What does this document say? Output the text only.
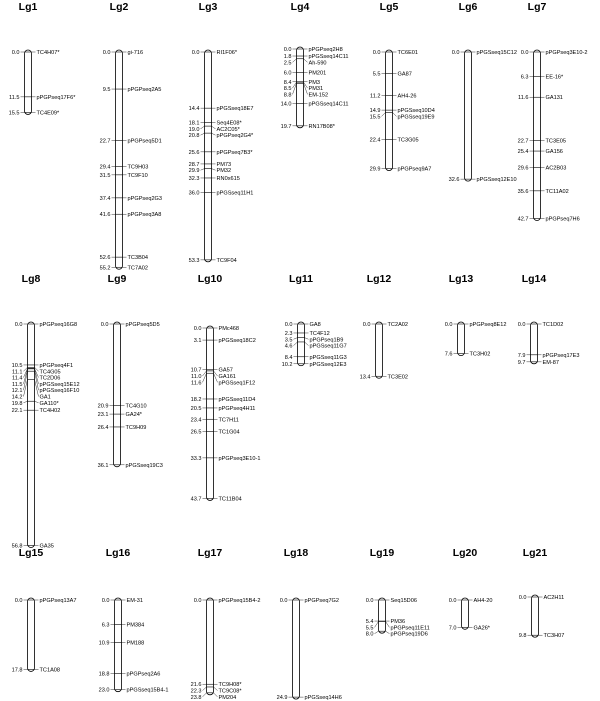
Lg1
0.0	TC4H07*
11.5	pPGPseq17F6*
15.5	TC4E09*
Lg2
0.0	gi-716
9.5	pPGPseq2A5
22.7	pPGPseq5D1
29.4	TC9H03
31.5	TC9F10
37.4	pPGPseq2G3
41.6	pPGPseq3A8
52.6	TC3B04
55.2	TC7A02
Lg3
0.0	RI1F06*
14.4	pPGSseq18E7
18.1	Seq4E08*
19.0	AC2C05*
20.8	pPGPseq2G4*
25.6	pPGPseq7B3*
28.7	PM73
29.9	PM32
32.3	RN0x615
36.0	pPGSseq11H1
53.3	TC9F04
Lg4
0.0	pPGPseq2H8
1.8	pPGSseq14C11
2.5	Ah-590
6.0	PM201
8.4	PM3
8.5	PM31
8.8	EM-152
14.0	pPGSseq14C11
19.7	RN17B08*
Lg5
0.0	TC6E01
5.5	GA87
11.2	AH4-26
14.9	pPGSseq10D4
15.5	pPGSseq19E9
22.4	TC3G05
29.9	pPGPseq9A7
Lg6
0.0	pPGSseq15C12
32.6	pPGSseq12E10
Lg7
0.0	pPGPseq3E10-2
6.3	EE-16*
11.6	GA131
22.7	TC3E05
25.4	GA156
29.6	AC2B03
35.6	TC11A02
42.7	pPGPseq7H6
Lg8
0.0	pPGPseq16G8
10.5	pPGPseq4F1
11.1	TC4G05
11.4	TC2D06
11.5	pPGSseq15E12
12.1	pPGSseq16F10
14.2	GA1
19.8	GA110*
22.1	TC4H02
56.8	GA35
Lg9
0.0	pPGPseq5D5
20.9	TC4G10
23.1	GA24*
26.4	TC9H09
36.1	pPGSseq19C3
Lg10
0.0	PMc468
3.1	pPGSseq18C2
10.7	GA57
11.0	GA161
11.6	pPGSseq1F12
18.2	pPGSseq11D4
20.5	pPGPseq4H11
23.4	TC7H11
26.5	TC1G04
33.3	pPGPseq3E10-1
43.7	TC11B04
Lg11
0.0	GA8
2.3	TC4F12
3.5	pPGPseq1B9
4.6	pPGSseq11G7
8.4	pPGSseq11G3
10.2	pPGSseq12E3
Lg12
0.0	TC2A02
13.4	TC3E02
Lg13
0.0	pPGPseq8E12
7.6	TC3H02
Lg14
0.0	TC1D02
7.9	pPGPseq17E3
9.7	EM-87
Lg15
0.0	pPGPseq13A7
17.8	TC1A08
Lg16
0.0	EM-31
6.3	PM384
10.9	PM188
18.8	pPGPseq2A6
23.0	pPGSseq15B4-1
Lg17
0.0	pPGPseq15B4-2
21.6	TC9H08*
22.3	TC9C08*
23.8	PM204
Lg18
0.0	pPGPseq7G2
24.9	pPGSseq14H6
Lg19
0.0	Seq15D06
5.4	PM36
5.5	pPGPseq11E11
8.0	pPGPseq19D6
Lg20
0.0	AH4-20
7.0	GA26*
Lg21
0.0	AC2H11
9.8	TC3H07
